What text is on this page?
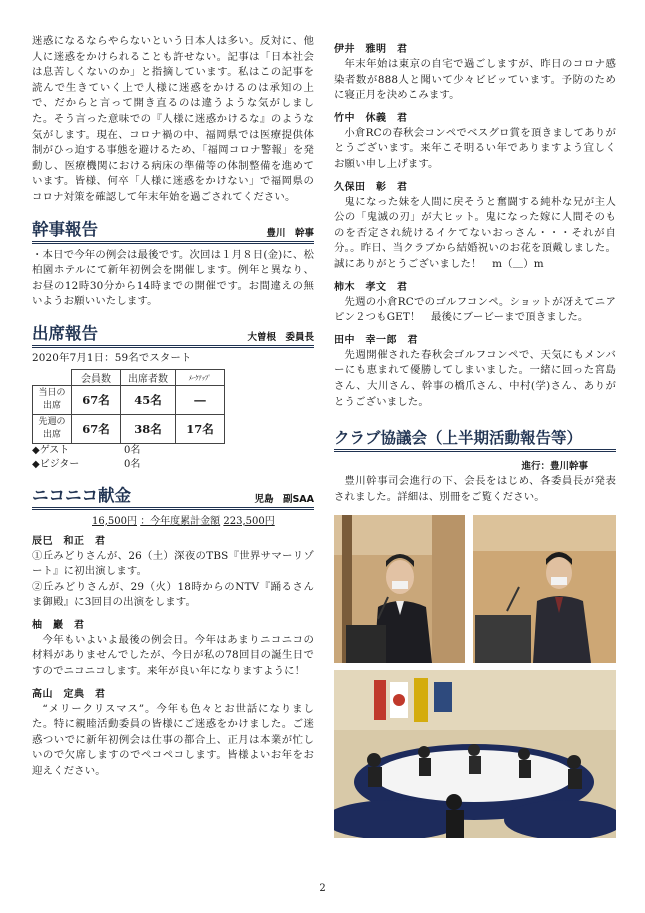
迷惑になるならやらないという日本人は多い。反対に、他人に迷惑をかけられることも許せない。記事は「日本社会は息苦しくないのか」と指摘しています。私はこの記事を読んで生きていく上で人様に迷惑をかけるのは承知の上で、だからと言って開き直るのは違うような気がしました。そう言った意味での『人様に迷惑かけるな』のような気がします。現在、コロナ禍の中、福岡県では医療提供体制がひっ迫する事態を避けるため、「福岡コロナ警報」を発動し、医療機関における病床の準備等の体制整備を進めています。皆様、何卒「人様に迷惑をかけない」で福岡県のコロナ対策を確認して年末年始を過ごされてください。

幹事報告	豊川　幹事

・本日で今年の例会は最後です。次回は１月８日(金)に、松柏園ホテルにて新年初例会を開催します。例年と異なり、お昼の12時30分から14時までの開催です。お間違えの無いようお願いいたします。

出席報告	大曽根　委員長

2020年7月1日：59名でスタート

	会員数	出席者数	ﾒｰｸｱｯﾌﾟ
当日の出席	67名	45名	―
先週の出席	67名	38名	17名
◆ゲスト	0名
◆ビジター	0名
ニコニコ献金	児島　副SAA
16,500円 ：今年度累計金額 223,500円
辰巳　和正　君

①丘みどりさんが、26（土）深夜のTBS『世界サマーリゾート』に初出演します。

②丘みどりさんが、29（火）18時からのNTV『踊るさんま御殿』に3回目の出演をします。

柚　巖　君

今年もいよいよ最後の例会日。今年はあまりニコニコの材料がありませんでしたが、今日が私の78回目の誕生日ですのでニコニコします。来年が良い年になりますように！

高山　定典　君

“メリークリスマス”。今年も色々とお世話になりました。特に親睦活動委員の皆様にご迷惑をかけました。ご迷惑ついでに新年初例会は仕事の都合上、正月は本業が忙しいので欠席しますのでペコペコします。皆様よいお年をお迎えください。

伊井　雅明　君

年末年始は東京の自宅で過ごしますが、昨日のコロナ感染者数が888人と聞いて少々ビビッています。予防のために寝正月を決めこみます。

竹中　休義　君

小倉RCの春秋会コンペでベスグロ賞を頂きましてありがとうございます。来年こそ明るい年でありますよう宜しくお願い申し上げます。

久保田　彰　君

鬼になった妹を人間に戻そうと奮闘する純朴な兄が主人公の「鬼滅の刃」が大ヒット。鬼になった嫁に人間そのものを否定され続けるイケてないおっさん・・・それが自分。。昨日、当クラブから結婚祝いのお花を頂戴しました。誠にありがとうございました！　m（＿）m

柿木　孝文　君

先週の小倉RCでのゴルフコンペ。ショットが冴えてニアピン２つもGET！　最後にブービーまで頂きました。

田中　幸一郎　君

先週開催された春秋会ゴルフコンペで、天気にもメンバーにも恵まれて優勝してしまいました。一緒に回った宮島さん、大川さん、幹事の橋爪さん、中村(学)さん、ありがとうございました。

クラブ協議会（上半期活動報告等）
進行：豊川幹事

豊川幹事司会進行の下、会長をはじめ、各委員長が発表されました。詳細は、別冊をご覧ください。

2
